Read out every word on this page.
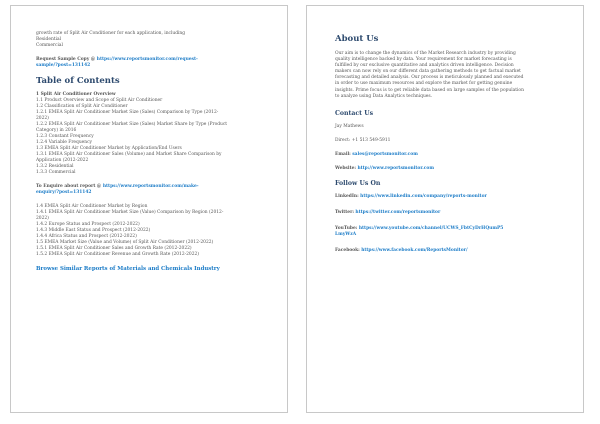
growth rate of Split Air Conditioner for each application, including

Residential

Commercial

Request Sample Copy @ https://www.reportsmonitor.com/request-

sample/?post=131142

Table of Contents

1 Split Air Conditioner Overview

1.1 Product Overview and Scope of Split Air Conditioner

1.2 Classification of Split Air Conditioner

1.2.1 EMEA Split Air Conditioner Market Size (Sales) Comparison by Type (2012-

2022)

1.2.2 EMEA Split Air Conditioner Market Size (Sales) Market Share by Type (Product

Category) in 2016

1.2.3 Constant Frequency

1.2.4 Variable Frequency

1.3 EMEA Split Air Conditioner Market by Application/End Users

1.3.1 EMEA Split Air Conditioner Sales (Volume) and Market Share Comparison by

Application (2012-2022

1.3.2 Residential

1.3.3 Commercial

To Enquire about report @ https://www.reportsmonitor.com/make-

enquiry/?post=131142

1.4 EMEA Split Air Conditioner Market by Region

1.4.1 EMEA Split Air Conditioner Market Size (Value) Comparison by Region (2012-

2022)

1.4.2 Europe Status and Prospect (2012-2022)

1.4.3 Middle East Status and Prospect (2012-2022)

1.4.4 Africa Status and Prospect (2012-2022)

1.5 EMEA Market Size (Value and Volume) of Split Air Conditioner (2012-2022)

1.5.1 EMEA Split Air Conditioner Sales and Growth Rate (2012-2022)

1.5.2 EMEA Split Air Conditioner Revenue and Growth Rate (2012-2022)

Browse Similar Reports of Materials and Chemicals Industry

About Us

Our aim is to change the dynamics of the Market Research industry by providing

quality intelligence backed by data. Your requirement for market forecasting is

fulfilled by our exclusive quantitative and analytics driven intelligence. Decision

makers can now rely on our different data gathering methods to get factual market

forecasting and detailed analysis. Our process is meticulously planned and executed

in order to use maximum resources and explore the market for getting genuine

insights. Prime focus is to get reliable data based on large samples of the population

to analyze using Data Analytics techniques.

Contact Us

Jay Mathews

Direct: +1 513 549-5911

Email: sales@reportsmonitor.com

Website: http://www.reportsmonitor.com

Follow Us On

LinkedIn: https://www.linkedin.com/company/reports-monitor

Twitter: https://twitter.com/reportsmonitor

YouTube: https://www.youtube.com/channel/UCWS_FbtCyDrHQumP5
LmyWzA

Facebook: https://www.facebook.com/ReportsMonitor/
